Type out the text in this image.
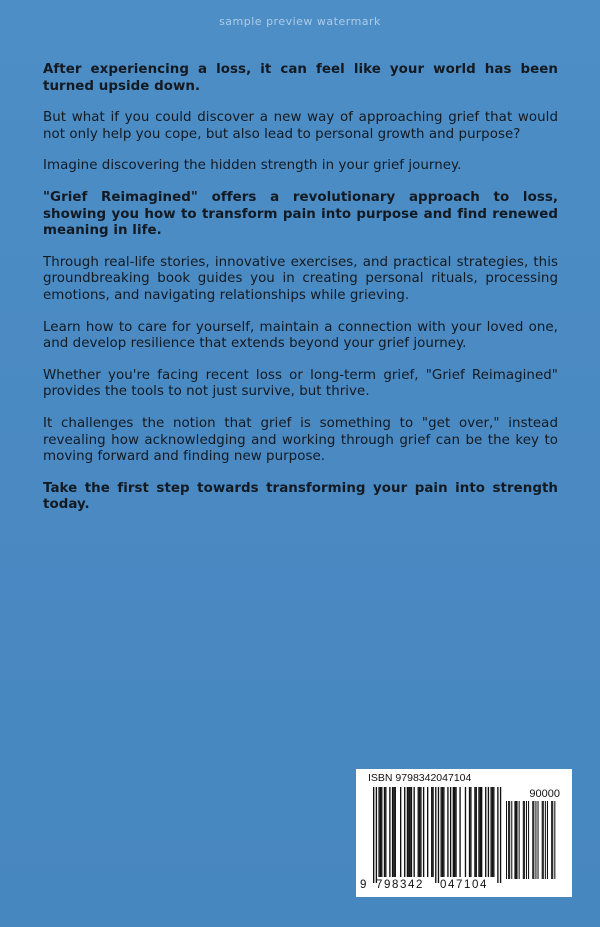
sample preview watermark

After experiencing a loss, it can feel like your world has been turned upside down.

But what if you could discover a new way of approaching grief that would not only help you cope, but also lead to personal growth and purpose?

Imagine discovering the hidden strength in your grief journey.

"Grief Reimagined" offers a revolutionary approach to loss, showing you how to transform pain into purpose and find renewed meaning in life.

Through real-life stories, innovative exercises, and practical strategies, this groundbreaking book guides you in creating personal rituals, processing emotions, and navigating relationships while grieving.

Learn how to care for yourself, maintain a connection with your loved one, and develop resilience that extends beyond your grief journey.

Whether you're facing recent loss or long-term grief, "Grief Reimagined" provides the tools to not just survive, but thrive.

It challenges the notion that grief is something to "get over," instead revealing how acknowledging and working through grief can be the key to moving forward and finding new purpose.

Take the first step towards transforming your pain into strength today.

ISBN 9798342047104
90000
9 798342 047104
